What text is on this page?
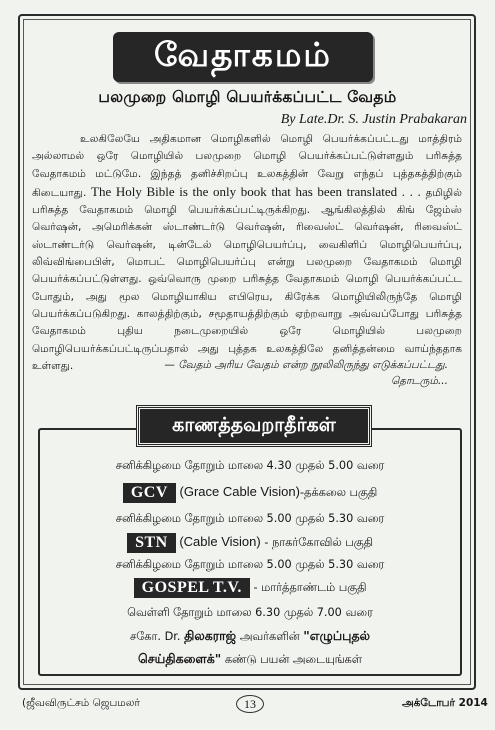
வேதாகமம்
பலமுறை மொழி பெயர்க்கப்பட்ட வேதம்
By Late.Dr. S. Justin Prabakaran
உலகிலேயே அதிகமான மொழிகளில் மொழி பெயர்க்கப்பட்டது மாத்திரம் அல்லாமல் ஒரே மொழியில் பலமுறை மொழி பெயர்க்கப்பட்டுள்ளதும் பரிசுத்த வேதாகமம் மட்டுமே. இந்தத் தனிச்சிறப்பு உலகத்தின் வேறு எந்தப் புத்தகத்திற்கும் கிடையாது. The Holy Bible is the only book that has been translated . . . தமிழில் பரிசுத்த வேதாகமம் மொழி பெயர்க்கப்பட்டிருக்கிறது. ஆங்கிலத்தில் கிங் ஜேம்ஸ் வெர்ஷன், அமெரிக்கன் ஸ்டாண்டர்டு வெர்ஷன், ரிவைஸ்ட் வெர்ஷன், ரிவைஸ்ட் ஸ்டாண்டர்டு வெர்ஷன், டின்டேல் மொழிபெயர்ப்பு, வைகிளிப் மொழிபெயர்ப்பு, லிவ்விங்பைபிள், மொபட் மொழிபெயர்ப்பு என்று பலமுறை வேதாகமம் மொழி பெயர்க்கப்பட்டுள்ளது. ஒவ்வொரு முறை பரிசுத்த வேதாகமம் மொழி பெயர்க்கப்பட்ட போதும், அது மூல மொழியாகிய எபிரெய, கிரேக்க மொழியிலிருந்தே மொழி பெயர்க்கப்படுகிறது. காலத்திற்கும், சமூதாயத்திற்கும் ஏற்றவாறு அவ்வப்போது பரிசுத்த வேதாகமம் புதிய நடைமுறையில் ஒரே மொழியில் பலமுறை மொழிபெயர்க்கப்பட்டிருப்பதால் அது புத்தக உலகத்திலே தனித்தன்மை வாய்ந்ததாக உள்ளது.	— வேதம் அரிய வேதம் என்ற நூலிலிருந்து எடுக்கப்பட்டது.
தொடரும்...
காணத்தவறாதீர்கள்
சனிக்கிழமை தோறும் மாலை 4.30 முதல் 5.00 வரை
GCV (Grace Cable Vision)-தக்கலை பகுதி
சனிக்கிழமை தோறும் மாலை 5.00 முதல் 5.30 வரை
STN (Cable Vision) - நாகர்கோவில் பகுதி
சனிக்கிழமை தோறும் மாலை 5.00 முதல் 5.30 வரை
GOSPEL T.V. - மார்த்தாண்டம் பகுதி
வெள்ளி தோறும் மாலை 6.30 முதல் 7.00 வரை
சகோ. Dr. திலகராஜ் அவர்களின் "எழுப்புதல்
செய்திகளைக்" கண்டு பயன் அடையுங்கள்
(ஜீவவிருட்சம் ஜெபமலர்	13	அக்டோபர் 2014
